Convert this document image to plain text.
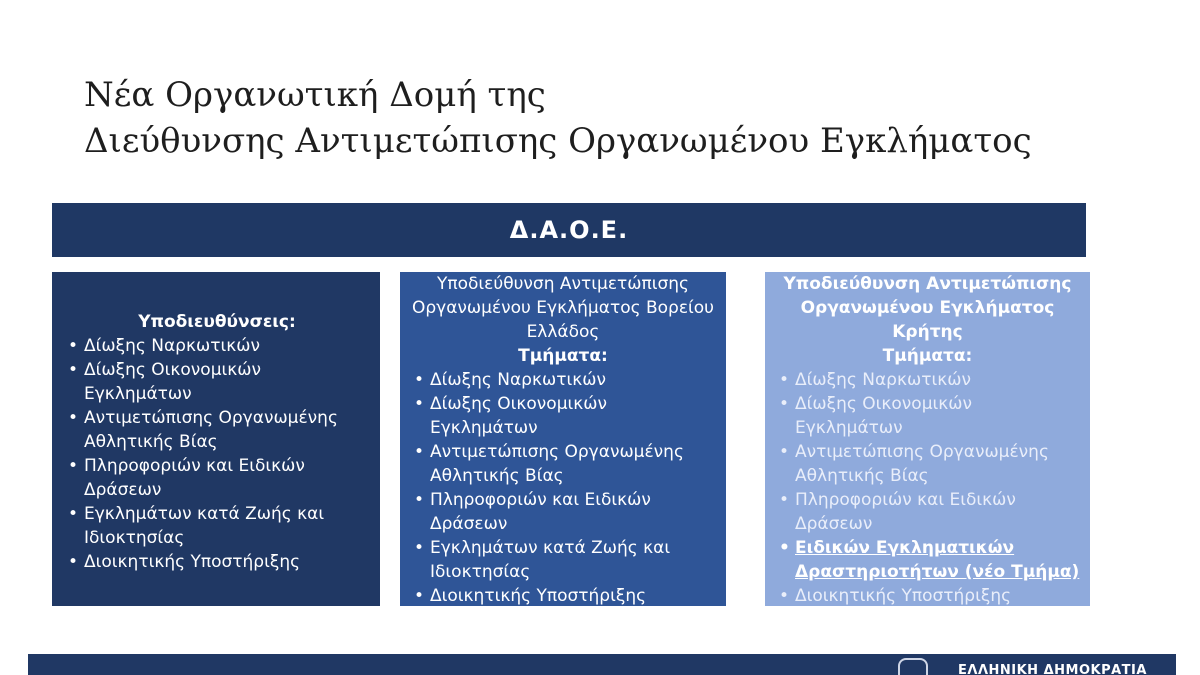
Νέα Οργανωτική Δομή της
Διεύθυνσης Αντιμετώπισης Οργανωμένου Εγκλήματος
Δ.Α.Ο.Ε.
Υποδιευθύνσεις:
• Δίωξης Ναρκωτικών
• Δίωξης Οικονομικών Εγκλημάτων
• Αντιμετώπισης Οργανωμένης Αθλητικής Βίας
• Πληροφοριών και Ειδικών Δράσεων
• Εγκλημάτων κατά Ζωής και Ιδιοκτησίας
• Διοικητικής Υποστήριξης
Υποδιεύθυνση Αντιμετώπισης Οργανωμένου Εγκλήματος Βορείου Ελλάδος
Τμήματα:
• Δίωξης Ναρκωτικών
• Δίωξης Οικονομικών Εγκλημάτων
• Αντιμετώπισης Οργανωμένης Αθλητικής Βίας
• Πληροφοριών και Ειδικών Δράσεων
• Εγκλημάτων κατά Ζωής και Ιδιοκτησίας
• Διοικητικής Υποστήριξης
Υποδιεύθυνση Αντιμετώπισης Οργανωμένου Εγκλήματος Κρήτης
Τμήματα:
• Δίωξης Ναρκωτικών
• Δίωξης Οικονομικών Εγκλημάτων
• Αντιμετώπισης Οργανωμένης Αθλητικής Βίας
• Πληροφοριών και Ειδικών Δράσεων
• Ειδικών Εγκληματικών Δραστηριοτήτων (νέο Τμήμα)
• Διοικητικής Υποστήριξης
ΕΛΛΗΝΙΚΗ ΔΗΜΟΚΡΑΤΙΑ
